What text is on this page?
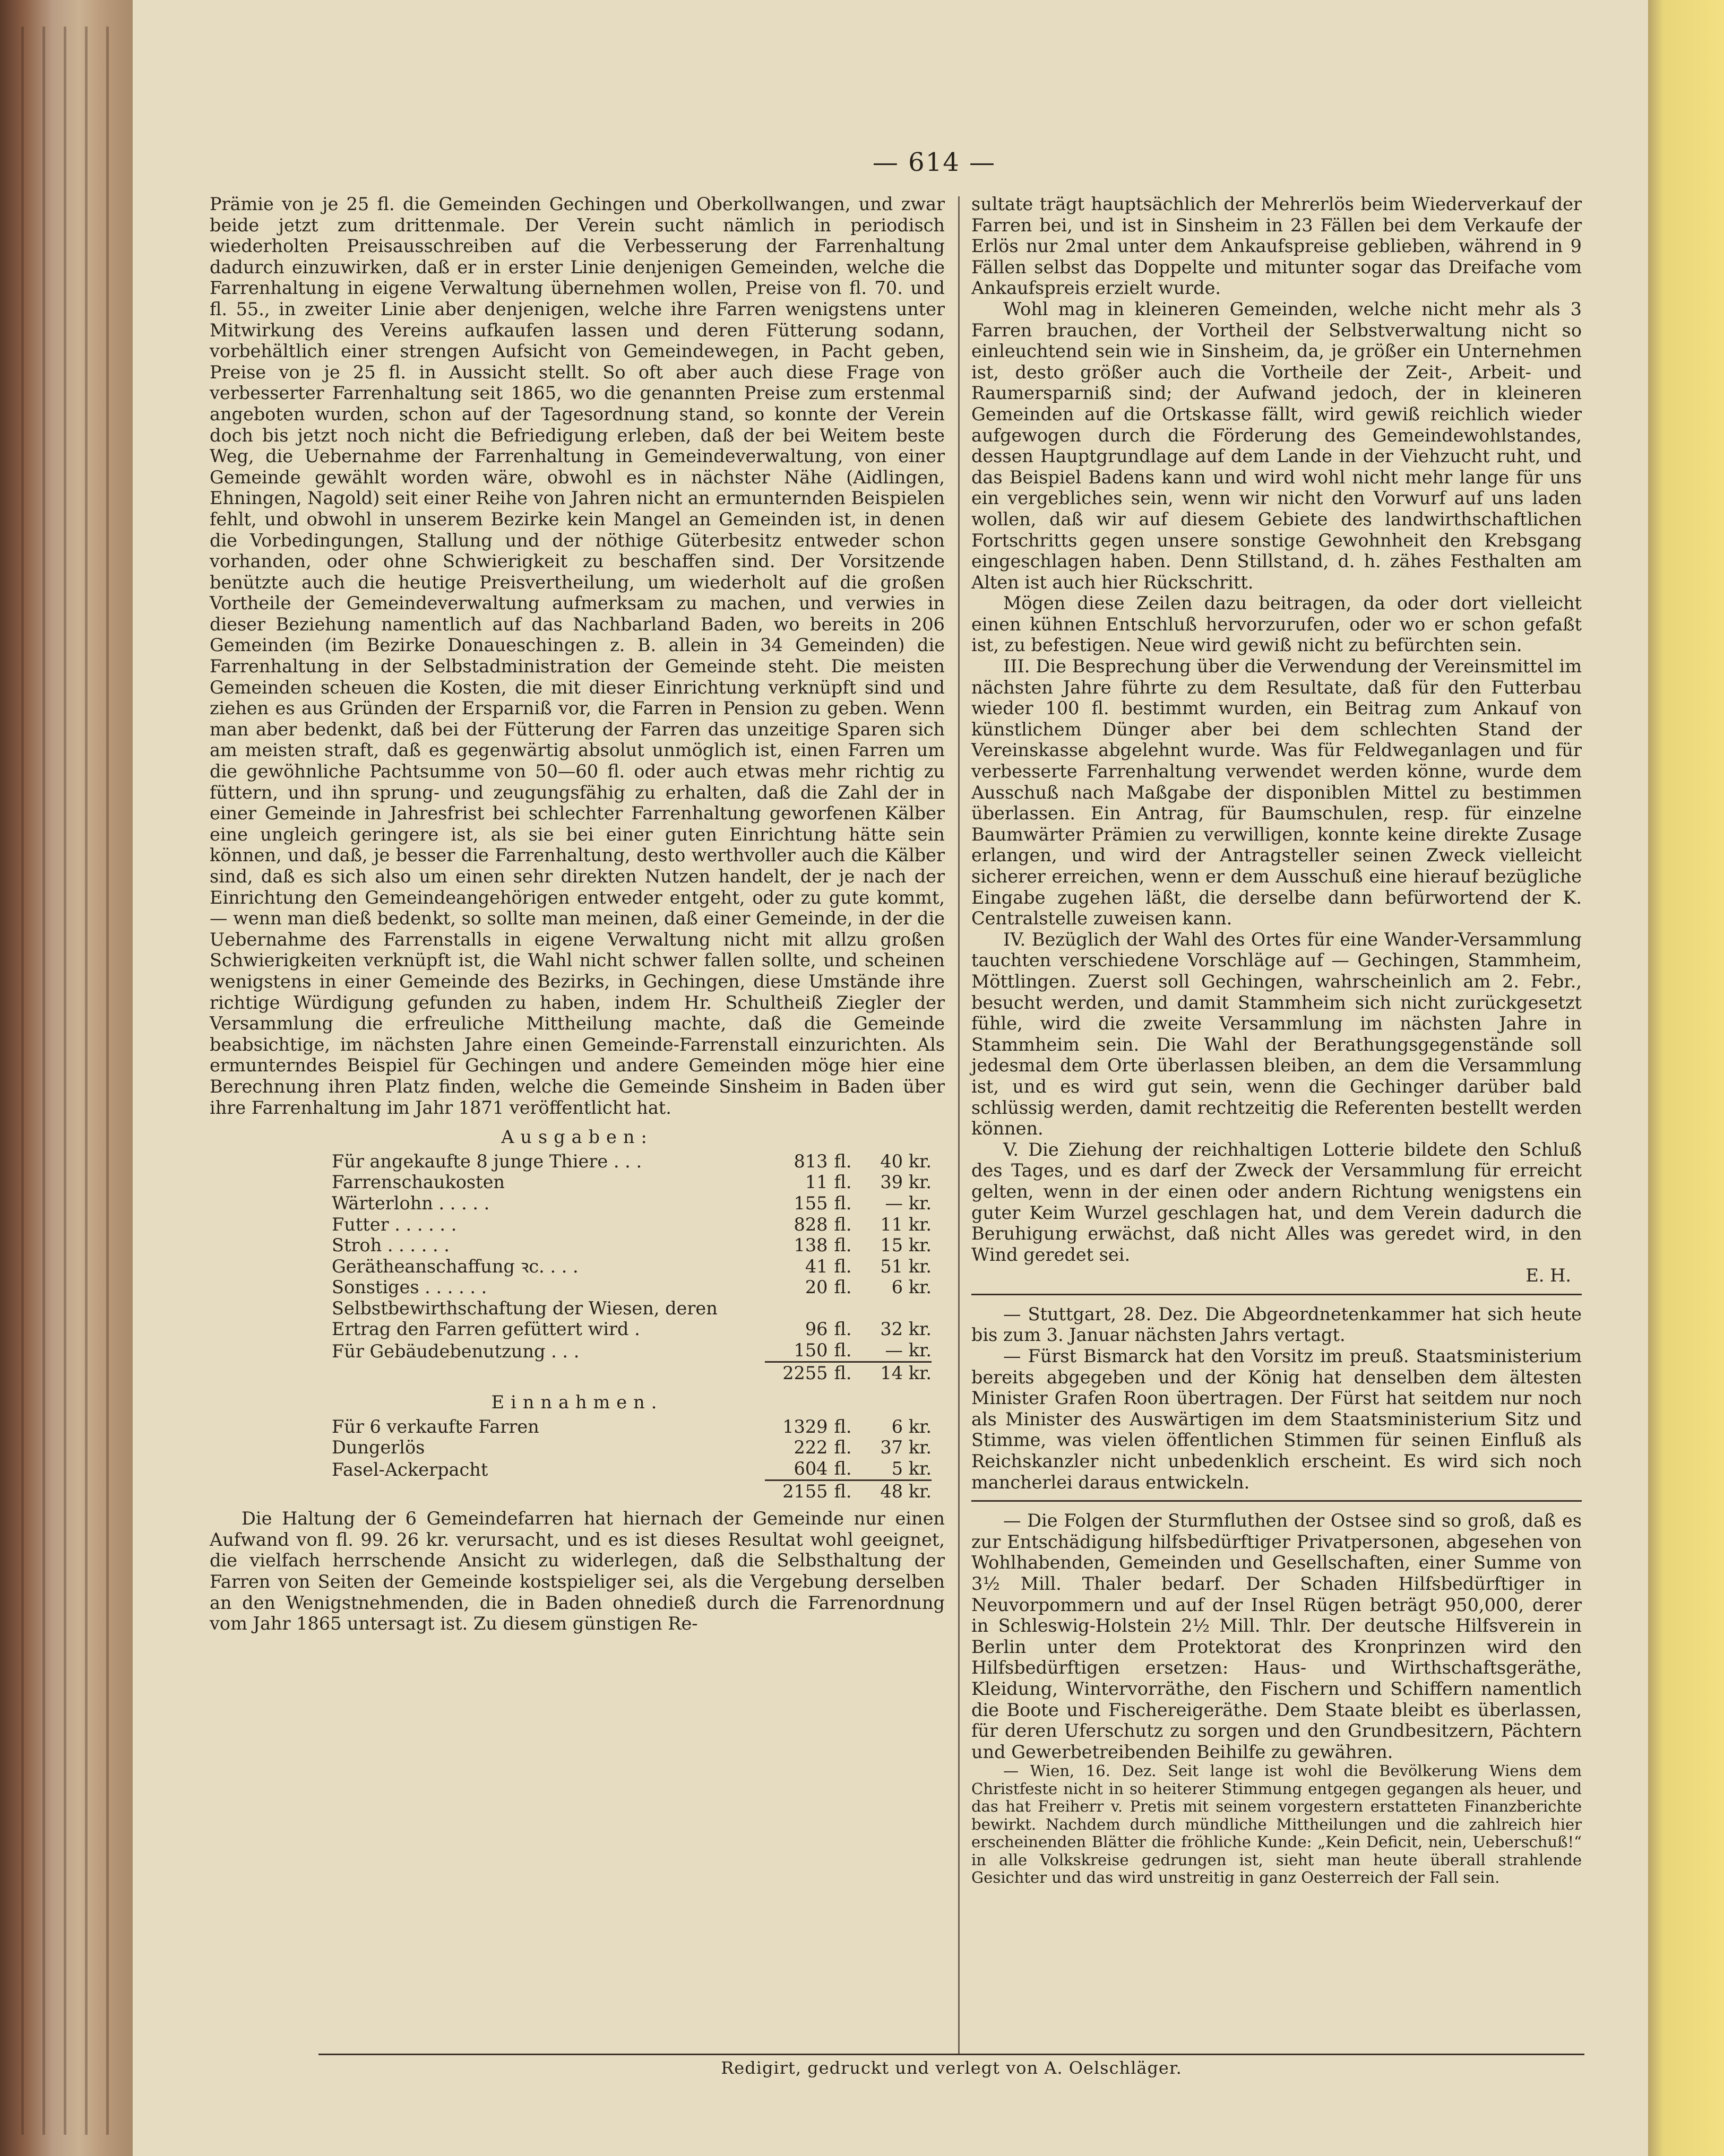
— 614 —

Prämie von je 25 fl. die Gemeinden Gechingen und Oberkollwangen, und zwar beide jetzt zum drittenmale. Der Verein sucht nämlich in periodisch wiederholten Preisausschreiben auf die Verbesserung der Farrenhaltung dadurch einzuwirken, daß er in erster Linie denjenigen Gemeinden, welche die Farrenhaltung in eigene Verwaltung übernehmen wollen, Preise von fl. 70. und fl. 55., in zweiter Linie aber denjenigen, welche ihre Farren wenigstens unter Mitwirkung des Vereins aufkaufen lassen und deren Fütterung sodann, vorbehältlich einer strengen Aufsicht von Gemeindewegen, in Pacht geben, Preise von je 25 fl. in Aussicht stellt. So oft aber auch diese Frage von verbesserter Farrenhaltung seit 1865, wo die genannten Preise zum erstenmal angeboten wurden, schon auf der Tagesordnung stand, so konnte der Verein doch bis jetzt noch nicht die Befriedigung erleben, daß der bei Weitem beste Weg, die Uebernahme der Farrenhaltung in Gemeindeverwaltung, von einer Gemeinde gewählt worden wäre, obwohl es in nächster Nähe (Aidlingen, Ehningen, Nagold) seit einer Reihe von Jahren nicht an ermunternden Beispielen fehlt, und obwohl in unserem Bezirke kein Mangel an Gemeinden ist, in denen die Vorbedingungen, Stallung und der nöthige Güterbesitz entweder schon vorhanden, oder ohne Schwierigkeit zu beschaffen sind. Der Vorsitzende benützte auch die heutige Preisvertheilung, um wiederholt auf die großen Vortheile der Gemeindeverwaltung aufmerksam zu machen, und verwies in dieser Beziehung namentlich auf das Nachbarland Baden, wo bereits in 206 Gemeinden (im Bezirke Donaueschingen z. B. allein in 34 Gemeinden) die Farrenhaltung in der Selbstadministration der Gemeinde steht. Die meisten Gemeinden scheuen die Kosten, die mit dieser Einrichtung verknüpft sind und ziehen es aus Gründen der Ersparniß vor, die Farren in Pension zu geben. Wenn man aber bedenkt, daß bei der Fütterung der Farren das unzeitige Sparen sich am meisten straft, daß es gegenwärtig absolut unmöglich ist, einen Farren um die gewöhnliche Pachtsumme von 50—60 fl. oder auch etwas mehr richtig zu füttern, und ihn sprung- und zeugungsfähig zu erhalten, daß die Zahl der in einer Gemeinde in Jahresfrist bei schlechter Farrenhaltung geworfenen Kälber eine ungleich geringere ist, als sie bei einer guten Einrichtung hätte sein können, und daß, je besser die Farrenhaltung, desto werthvoller auch die Kälber sind, daß es sich also um einen sehr direkten Nutzen handelt, der je nach der Einrichtung den Gemeindeangehörigen entweder entgeht, oder zu gute kommt, — wenn man dieß bedenkt, so sollte man meinen, daß einer Gemeinde, in der die Uebernahme des Farrenstalls in eigene Verwaltung nicht mit allzu großen Schwierigkeiten verknüpft ist, die Wahl nicht schwer fallen sollte, und scheinen wenigstens in einer Gemeinde des Bezirks, in Gechingen, diese Umstände ihre richtige Würdigung gefunden zu haben, indem Hr. Schultheiß Ziegler der Versammlung die erfreuliche Mittheilung machte, daß die Gemeinde beabsichtige, im nächsten Jahre einen Gemeinde-Farrenstall einzurichten. Als ermunterndes Beispiel für Gechingen und andere Gemeinden möge hier eine Berechnung ihren Platz finden, welche die Gemeinde Sinsheim in Baden über ihre Farrenhaltung im Jahr 1871 veröffentlicht hat.

Ausgaben:
Für angekaufte 8 junge Thiere . . .	813	fl.	40 kr.
Farrenschaukosten	11	fl.	39 kr.
Wärterlohn . . . . .	155	fl.	— kr.
Futter . . . . . .	828	fl.	11 kr.
Stroh . . . . . .	138	fl.	15 kr.
Gerätheanschaffung ꝛc. . . .	41	fl.	51 kr.
Sonstiges . . . . . .	20	fl.	6 kr.
Selbstbewirthschaftung der Wiesen, deren			
Ertrag den Farren gefüttert wird .	96	fl.	32 kr.
Für Gebäudebenutzung . . .	150	fl.	— kr.
	2255	fl.	14 kr.
Einnahmen.
Für 6 verkaufte Farren	1329	fl.	6 kr.
Dungerlös	222	fl.	37 kr.
Fasel-Ackerpacht	604	fl.	5 kr.
	2155	fl.	48 kr.

Die Haltung der 6 Gemeindefarren hat hiernach der Gemeinde nur einen Aufwand von fl. 99. 26 kr. verursacht, und es ist dieses Resultat wohl geeignet, die vielfach herrschende Ansicht zu widerlegen, daß die Selbsthaltung der Farren von Seiten der Gemeinde kostspieliger sei, als die Vergebung derselben an den Wenigstnehmenden, die in Baden ohnedieß durch die Farrenordnung vom Jahr 1865 untersagt ist. Zu diesem günstigen Re-

sultate trägt hauptsächlich der Mehrerlös beim Wiederverkauf der Farren bei, und ist in Sinsheim in 23 Fällen bei dem Verkaufe der Erlös nur 2mal unter dem Ankaufspreise geblieben, während in 9 Fällen selbst das Doppelte und mitunter sogar das Dreifache vom Ankaufspreis erzielt wurde.

Wohl mag in kleineren Gemeinden, welche nicht mehr als 3 Farren brauchen, der Vortheil der Selbstverwaltung nicht so einleuchtend sein wie in Sinsheim, da, je größer ein Unternehmen ist, desto größer auch die Vortheile der Zeit-, Arbeit- und Raumersparniß sind; der Aufwand jedoch, der in kleineren Gemeinden auf die Ortskasse fällt, wird gewiß reichlich wieder aufgewogen durch die Förderung des Gemeindewohlstandes, dessen Hauptgrundlage auf dem Lande in der Viehzucht ruht, und das Beispiel Badens kann und wird wohl nicht mehr lange für uns ein vergebliches sein, wenn wir nicht den Vorwurf auf uns laden wollen, daß wir auf diesem Gebiete des landwirthschaftlichen Fortschritts gegen unsere sonstige Gewohnheit den Krebsgang eingeschlagen haben. Denn Stillstand, d. h. zähes Festhalten am Alten ist auch hier Rückschritt.

Mögen diese Zeilen dazu beitragen, da oder dort vielleicht einen kühnen Entschluß hervorzurufen, oder wo er schon gefaßt ist, zu befestigen. Neue wird gewiß nicht zu befürchten sein.

III. Die Besprechung über die Verwendung der Vereinsmittel im nächsten Jahre führte zu dem Resultate, daß für den Futterbau wieder 100 fl. bestimmt wurden, ein Beitrag zum Ankauf von künstlichem Dünger aber bei dem schlechten Stand der Vereinskasse abgelehnt wurde. Was für Feldweganlagen und für verbesserte Farrenhaltung verwendet werden könne, wurde dem Ausschuß nach Maßgabe der disponiblen Mittel zu bestimmen überlassen. Ein Antrag, für Baumschulen, resp. für einzelne Baumwärter Prämien zu verwilligen, konnte keine direkte Zusage erlangen, und wird der Antragsteller seinen Zweck vielleicht sicherer erreichen, wenn er dem Ausschuß eine hierauf bezügliche Eingabe zugehen läßt, die derselbe dann befürwortend der K. Centralstelle zuweisen kann.

IV. Bezüglich der Wahl des Ortes für eine Wander-Versammlung tauchten verschiedene Vorschläge auf — Gechingen, Stammheim, Möttlingen. Zuerst soll Gechingen, wahrscheinlich am 2. Febr., besucht werden, und damit Stammheim sich nicht zurückgesetzt fühle, wird die zweite Versammlung im nächsten Jahre in Stammheim sein. Die Wahl der Berathungsgegenstände soll jedesmal dem Orte überlassen bleiben, an dem die Versammlung ist, und es wird gut sein, wenn die Gechinger darüber bald schlüssig werden, damit rechtzeitig die Referenten bestellt werden können.

V. Die Ziehung der reichhaltigen Lotterie bildete den Schluß des Tages, und es darf der Zweck der Versammlung für erreicht gelten, wenn in der einen oder andern Richtung wenigstens ein guter Keim Wurzel geschlagen hat, und dem Verein dadurch die Beruhigung erwächst, daß nicht Alles was geredet wird, in den Wind geredet sei.

E. H.

— Stuttgart, 28. Dez. Die Abgeordnetenkammer hat sich heute bis zum 3. Januar nächsten Jahrs vertagt.

— Fürst Bismarck hat den Vorsitz im preuß. Staatsministerium bereits abgegeben und der König hat denselben dem ältesten Minister Grafen Roon übertragen. Der Fürst hat seitdem nur noch als Minister des Auswärtigen im dem Staatsministerium Sitz und Stimme, was vielen öffentlichen Stimmen für seinen Einfluß als Reichskanzler nicht unbedenklich erscheint. Es wird sich noch mancherlei daraus entwickeln.

— Die Folgen der Sturmfluthen der Ostsee sind so groß, daß es zur Entschädigung hilfsbedürftiger Privatpersonen, abgesehen von Wohlhabenden, Gemeinden und Gesellschaften, einer Summe von 3½ Mill. Thaler bedarf. Der Schaden Hilfsbedürftiger in Neuvorpommern und auf der Insel Rügen beträgt 950,000, derer in Schleswig-Holstein 2½ Mill. Thlr. Der deutsche Hilfsverein in Berlin unter dem Protektorat des Kronprinzen wird den Hilfsbedürftigen ersetzen: Haus- und Wirthschaftsgeräthe, Kleidung, Wintervorräthe, den Fischern und Schiffern namentlich die Boote und Fischereigeräthe. Dem Staate bleibt es überlassen, für deren Uferschutz zu sorgen und den Grundbesitzern, Pächtern und Gewerbetreibenden Beihilfe zu gewähren.

— Wien, 16. Dez. Seit lange ist wohl die Bevölkerung Wiens dem Christfeste nicht in so heiterer Stimmung entgegen gegangen als heuer, und das hat Freiherr v. Pretis mit seinem vorgestern erstatteten Finanzberichte bewirkt. Nachdem durch mündliche Mittheilungen und die zahlreich hier erscheinenden Blätter die fröhliche Kunde: „Kein Deficit, nein, Ueberschuß!“ in alle Volkskreise gedrungen ist, sieht man heute überall strahlende Gesichter und das wird unstreitig in ganz Oesterreich der Fall sein.

Redigirt, gedruckt und verlegt von A. Oelschläger.
